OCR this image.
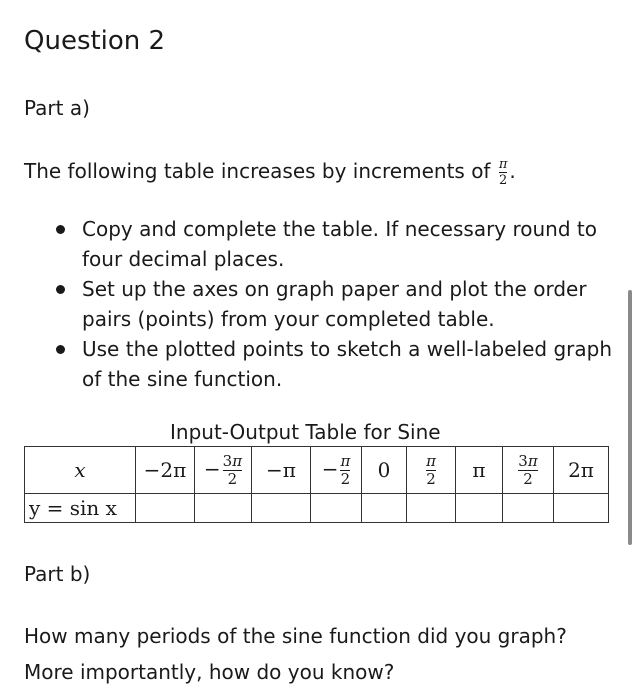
Question 2
Part a)
The following table increases by increments of $\frac{\pi}{2}$ .
Copy and complete the table. If necessary round to four decimal places.
Set up the axes on graph paper and plot the order pairs (points) from your completed table.
Use the plotted points to sketch a well-labeled graph of the sine function.
Input-Output Table for Sine
x	−2π	−  $\frac{3\pi}{2}$	−π	−  $\frac{\pi}{2}$	0	$\frac{\pi}{2}$	π	$\frac{3\pi}{2}$	2π
y = sin x									
Part b)
How many periods of the sine function did you graph?
More importantly, how do you know?
